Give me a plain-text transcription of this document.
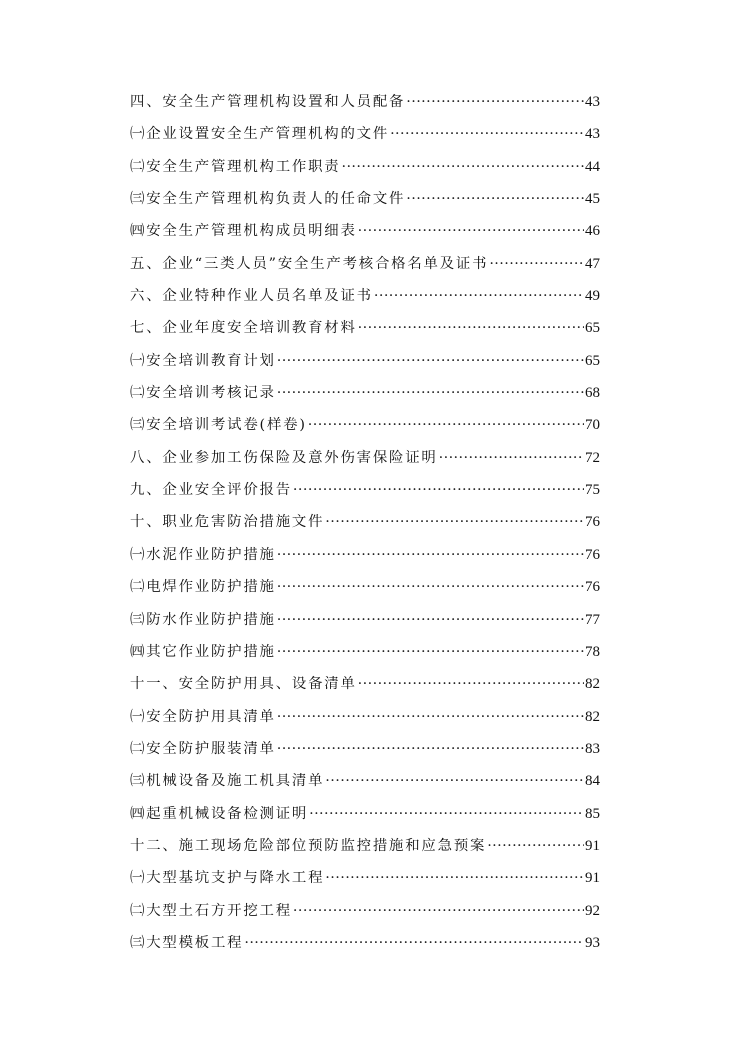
四、安全生产管理机构设置和人员配备 ·····	43
㈠企业设置安全生产管理机构的文件 ·····	43
㈡安全生产管理机构工作职责 ·····	44
㈢安全生产管理机构负责人的任命文件 ·····	45
㈣安全生产管理机构成员明细表 ·····	46
五、企业“三类人员”安全生产考核合格名单及证书 ·····	47
六、企业特种作业人员名单及证书 ·····	49
七、企业年度安全培训教育材料 ·····	65
㈠安全培训教育计划 ·····	65
㈡安全培训考核记录 ·····	68
㈢安全培训考试卷(样卷) ·····	70
八、企业参加工伤保险及意外伤害保险证明 ·····	72
九、企业安全评价报告 ·····	75
十、职业危害防治措施文件 ·····	76
㈠水泥作业防护措施 ·····	76
㈡电焊作业防护措施 ·····	76
㈢防水作业防护措施 ·····	77
㈣其它作业防护措施 ·····	78
十一、安全防护用具、设备清单 ·····	82
㈠安全防护用具清单 ·····	82
㈡安全防护服装清单 ·····	83
㈢机械设备及施工机具清单 ·····	84
㈣起重机械设备检测证明 ·····	85
十二、施工现场危险部位预防监控措施和应急预案 ·····	91
㈠大型基坑支护与降水工程 ·····	91
㈡大型土石方开挖工程 ·····	92
㈢大型模板工程 ·····	93
